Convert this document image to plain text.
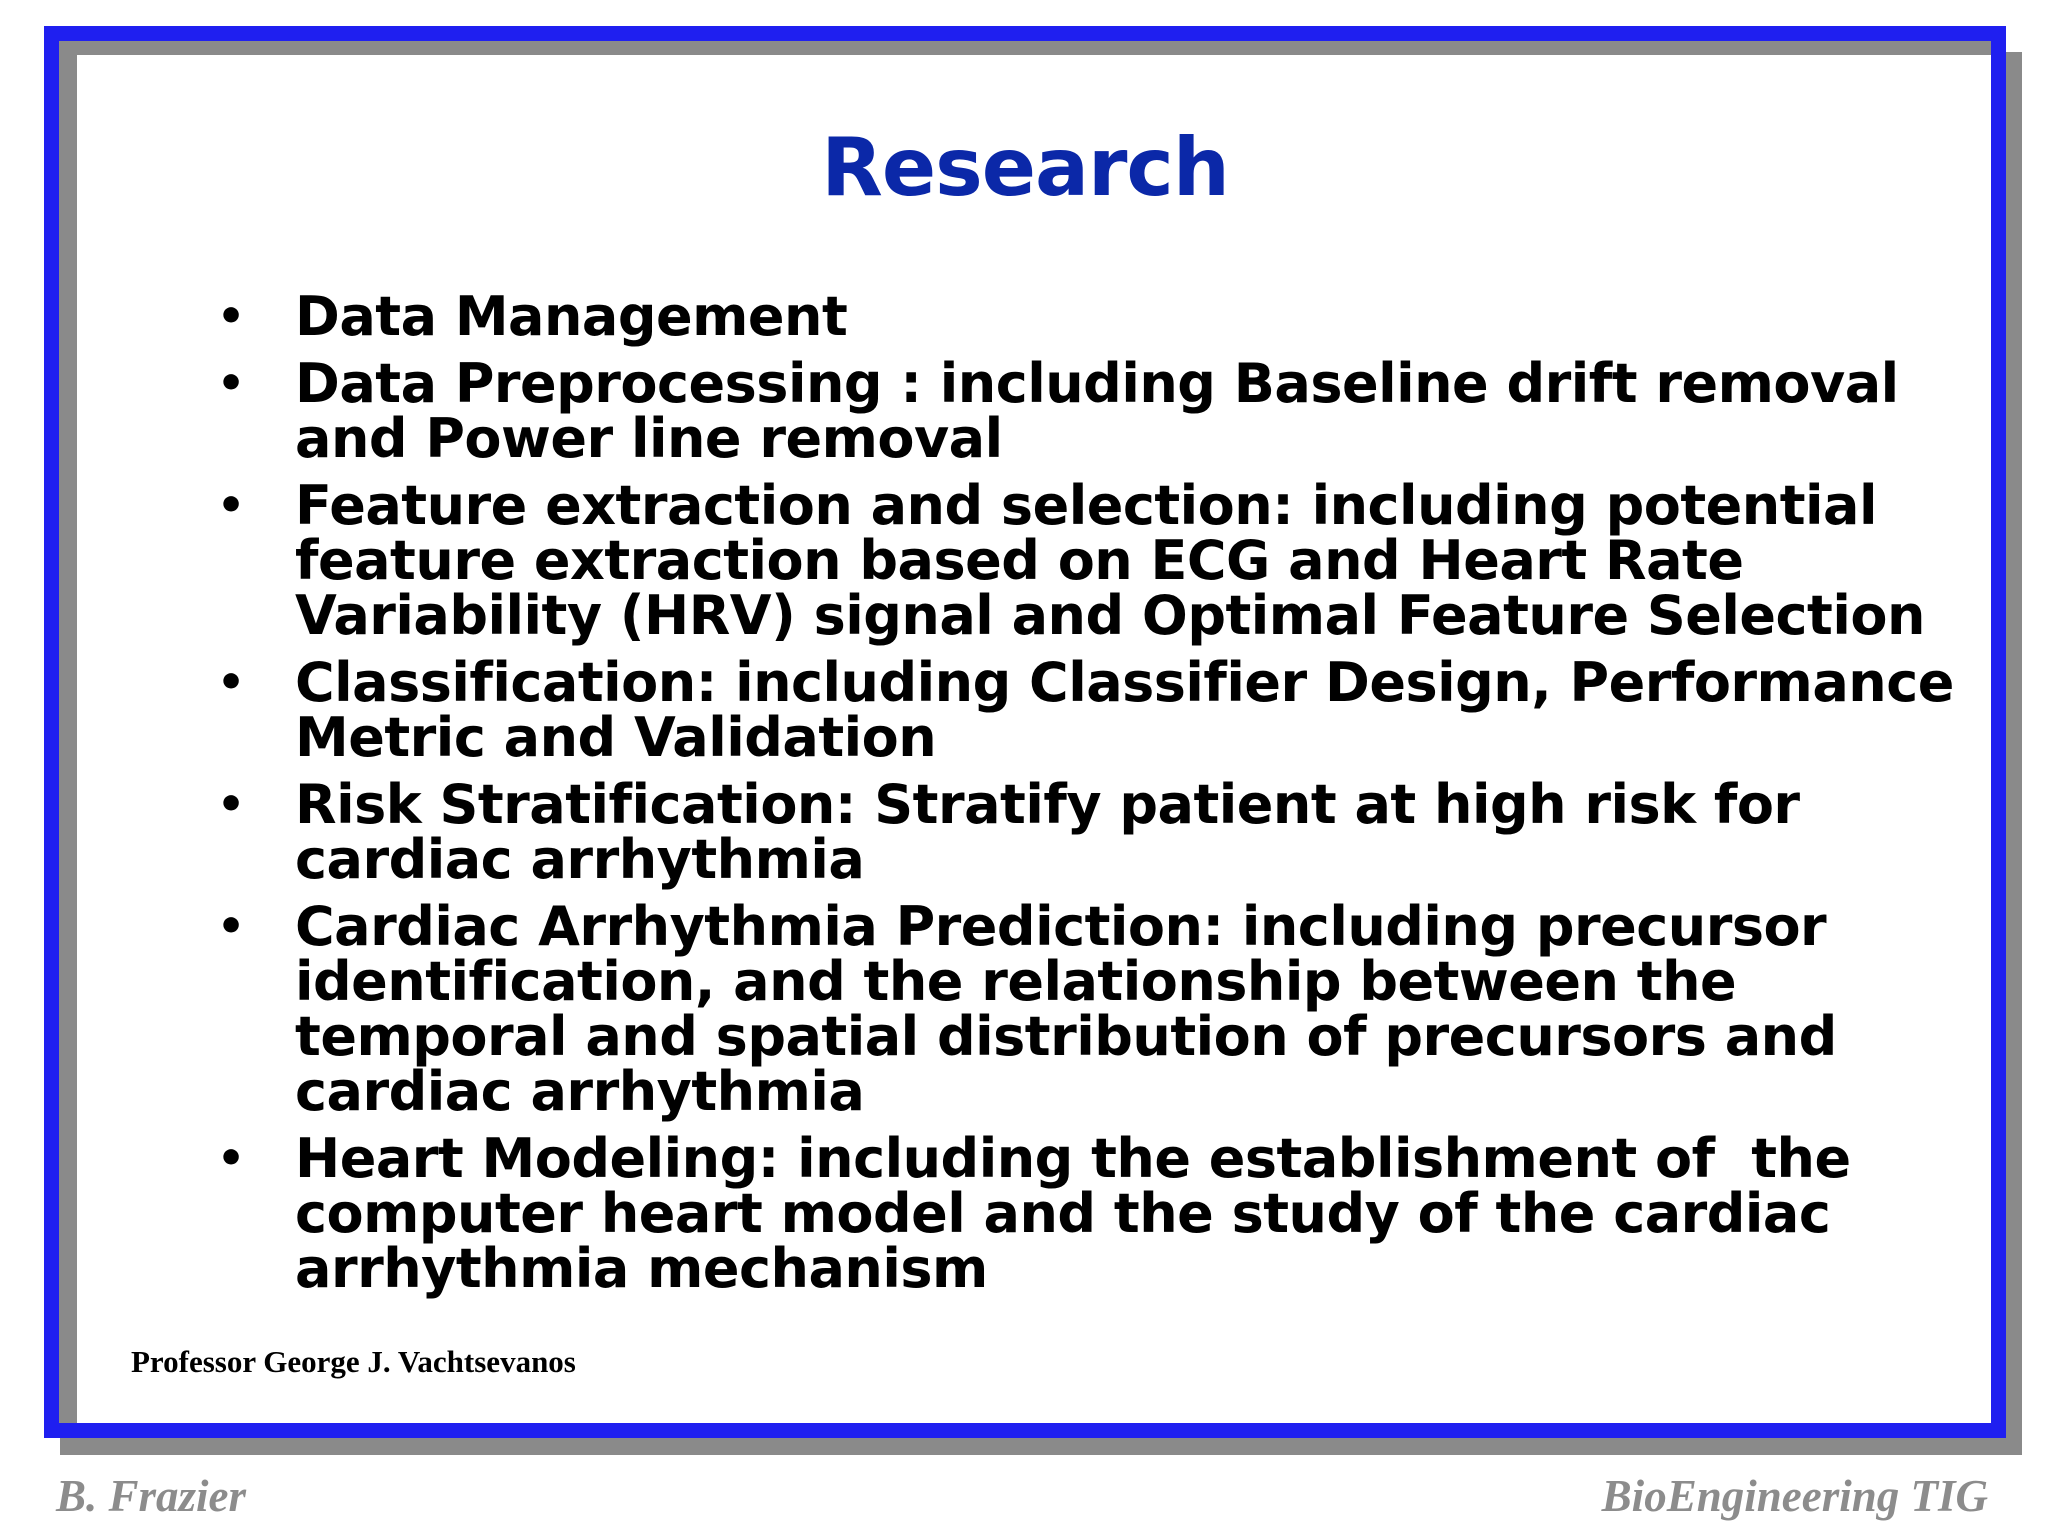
Research
• Data Management
• Data Preprocessing : including Baseline drift removal   and Power line removal
• Feature extraction and selection: including potential feature extraction based on ECG and Heart Rate Variability (HRV) signal and Optimal Feature Selection
• Classification: including Classifier Design, Performance Metric and Validation
• Risk Stratification: Stratify patient at high risk for cardiac arrhythmia
• Cardiac Arrhythmia Prediction: including precursor identification, and the relationship between the temporal and spatial distribution of precursors and cardiac arrhythmia
• Heart Modeling: including the establishment of  the computer heart model and the study of the cardiac arrhythmia mechanism
Professor George J. Vachtsevanos
B. Frazier	BioEngineering TIG
